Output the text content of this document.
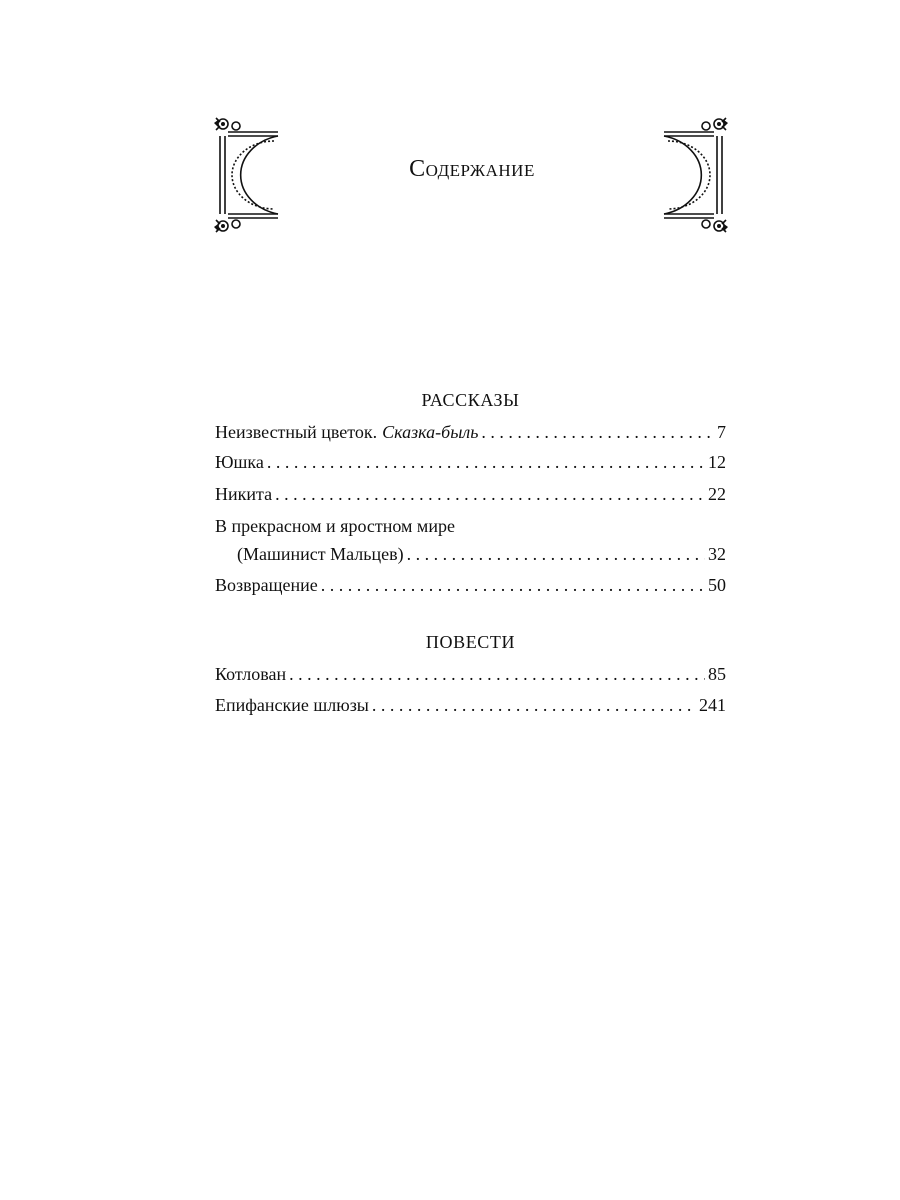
Содержание
РАССКАЗЫ
Неизвестный цветок. Сказка-быль . . .	7
Юшка . . .	12
Никита . . .	22
В прекрасном и яростном мире
(Машинист Мальцев) . . .	32
Возвращение . . .	50
ПОВЕСТИ
Котлован . . .	85
Епифанские шлюзы . . .	241
